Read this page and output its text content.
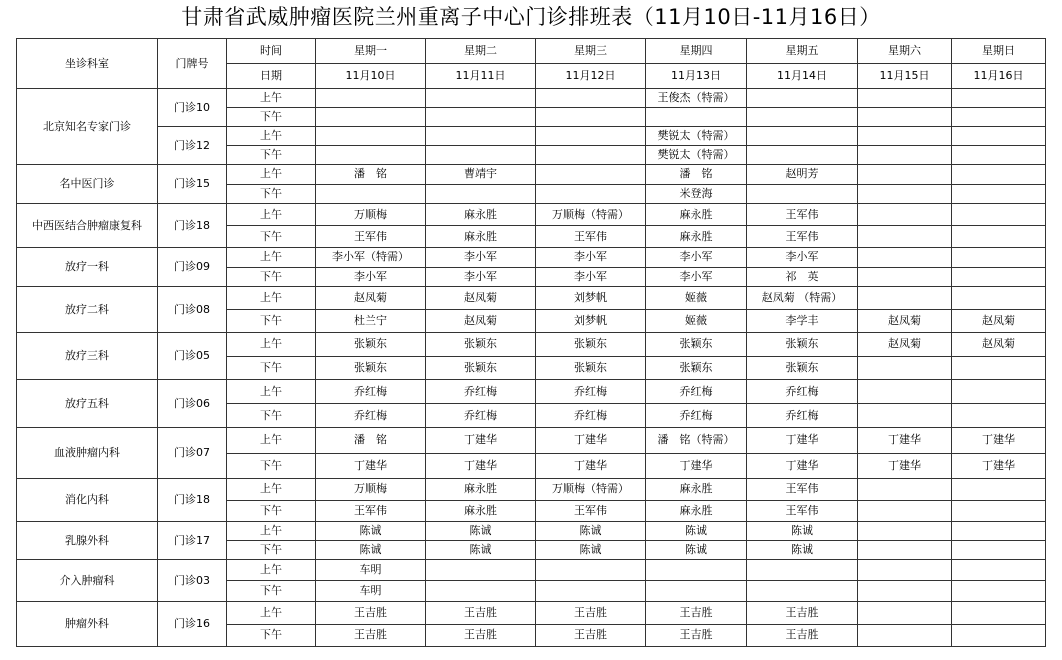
甘肃省武威肿瘤医院兰州重离子中心门诊排班表（11月10日-11月16日）
坐诊科室	门牌号	时间	星期一	星期二	星期三	星期四	星期五	星期六	星期日
		日期	11月10日	11月11日	11月12日	11月13日	11月14日	11月15日	11月16日
北京知名专家门诊	门诊10	上午				王俊杰（特需）			
		下午							
	门诊12	上午				樊锐太（特需）			
		下午				樊锐太（特需）			
名中医门诊	门诊15	上午	潘　铭	曹靖宇		潘　铭	赵明芳		
		下午				米登海			
中西医结合肿瘤康复科	门诊18	上午	万顺梅	麻永胜	万顺梅（特需）	麻永胜	王军伟		
		下午	王军伟	麻永胜	王军伟	麻永胜	王军伟		
放疗一科	门诊09	上午	李小军（特需）	李小军	李小军	李小军	李小军		
		下午	李小军	李小军	李小军	李小军	祁　英		
放疗二科	门诊08	上午	赵凤菊	赵凤菊	刘梦帆	姬薇	赵凤菊 （特需）		
		下午	杜兰宁	赵凤菊	刘梦帆	姬薇	李学丰	赵凤菊	赵凤菊
放疗三科	门诊05	上午	张颖东	张颖东	张颖东	张颖东	张颖东	赵凤菊	赵凤菊
		下午	张颖东	张颖东	张颖东	张颖东	张颖东		
放疗五科	门诊06	上午	乔红梅	乔红梅	乔红梅	乔红梅	乔红梅		
		下午	乔红梅	乔红梅	乔红梅	乔红梅	乔红梅		
血液肿瘤内科	门诊07	上午	潘　铭	丁建华	丁建华	潘　铭（特需）	丁建华	丁建华	丁建华
		下午	丁建华	丁建华	丁建华	丁建华	丁建华	丁建华	丁建华
消化内科	门诊18	上午	万顺梅	麻永胜	万顺梅（特需）	麻永胜	王军伟		
		下午	王军伟	麻永胜	王军伟	麻永胜	王军伟		
乳腺外科	门诊17	上午	陈诚	陈诚	陈诚	陈诚	陈诚		
		下午	陈诚	陈诚	陈诚	陈诚	陈诚		
介入肿瘤科	门诊03	上午	车明						
		下午	车明						
肿瘤外科	门诊16	上午	王吉胜	王吉胜	王吉胜	王吉胜	王吉胜		
		下午	王吉胜	王吉胜	王吉胜	王吉胜	王吉胜		
